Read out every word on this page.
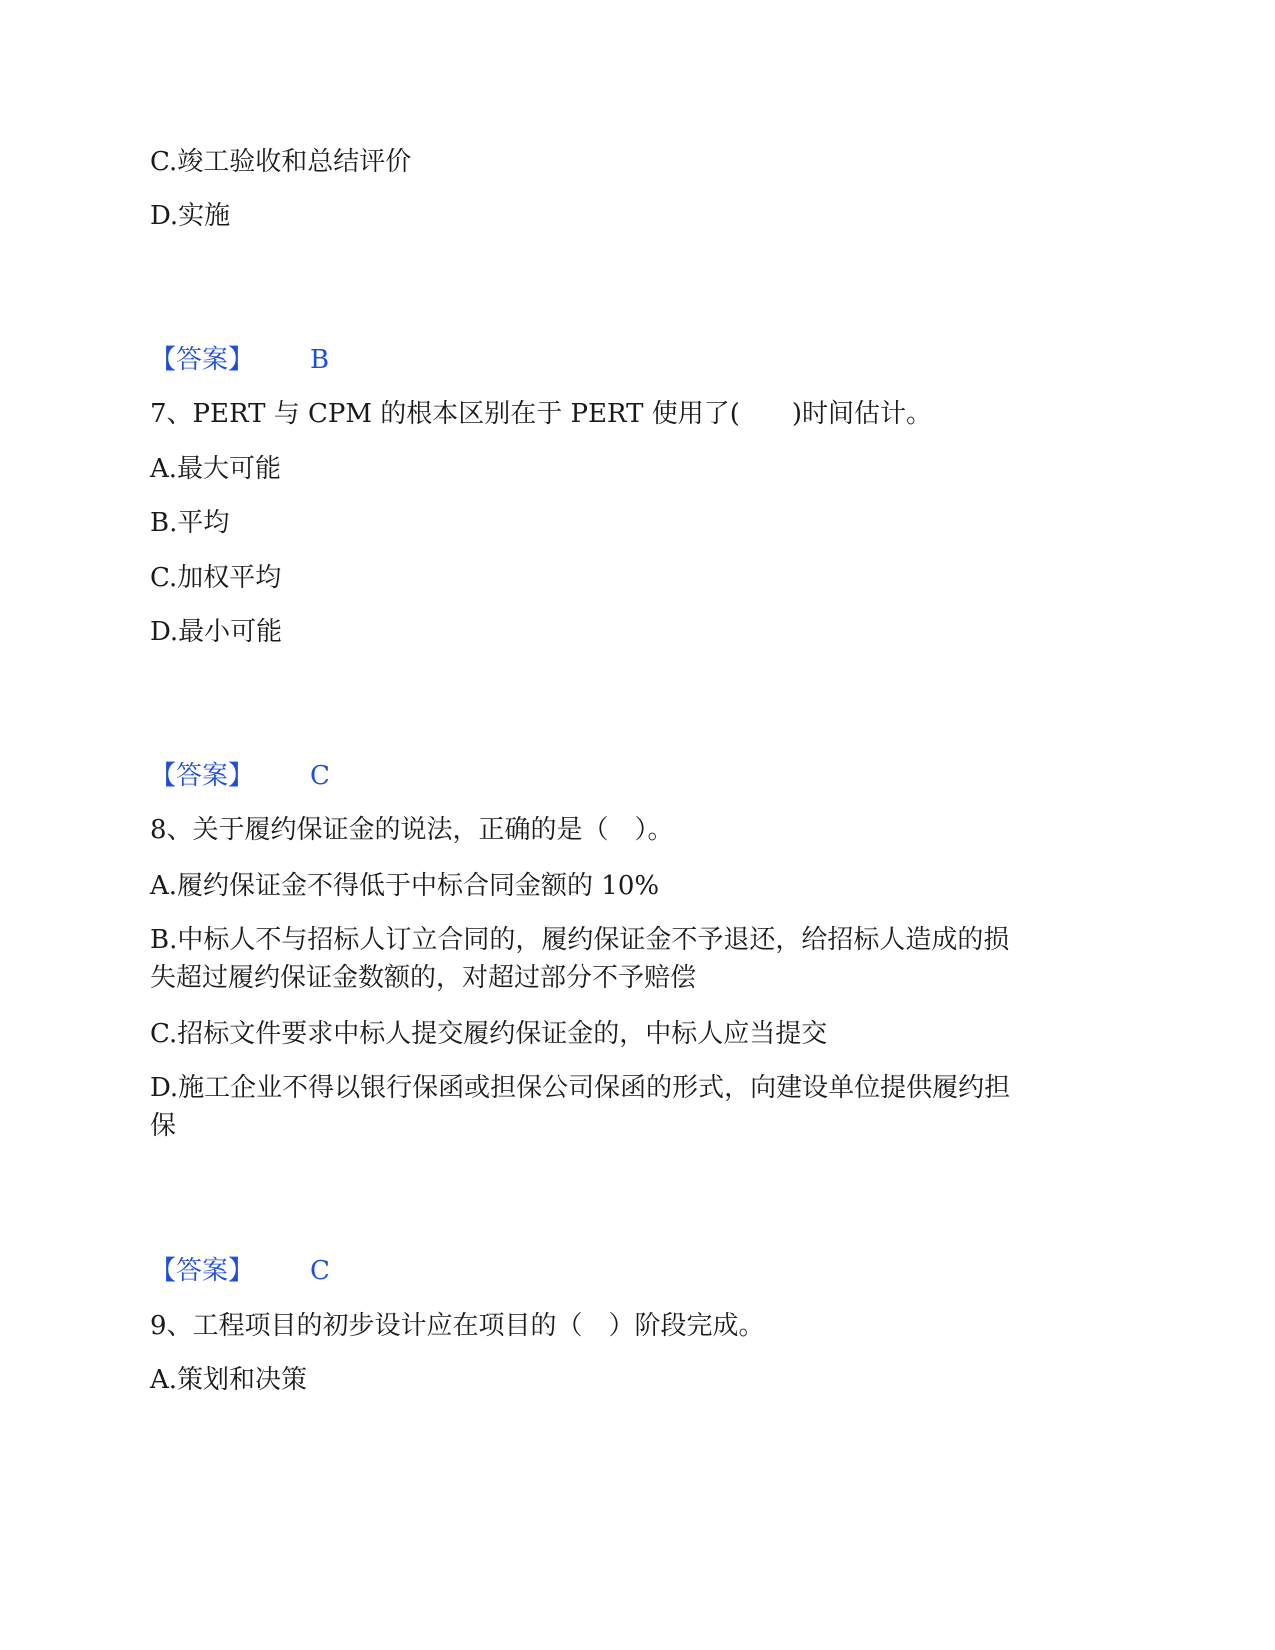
C.竣工验收和总结评价
D.实施
【答案】 B
7、PERT 与 CPM 的根本区别在于 PERT 使用了(　　)时间估计。
A.最大可能
B.平均
C.加权平均
D.最小可能
【答案】 C
8、关于履约保证金的说法，正确的是（　）。
A.履约保证金不得低于中标合同金额的 10%
B.中标人不与招标人订立合同的，履约保证金不予退还，给招标人造成的损
失超过履约保证金数额的，对超过部分不予赔偿
C.招标文件要求中标人提交履约保证金的，中标人应当提交
D.施工企业不得以银行保函或担保公司保函的形式，向建设单位提供履约担
保
【答案】 C
9、工程项目的初步设计应在项目的（　）阶段完成。
A.策划和决策
